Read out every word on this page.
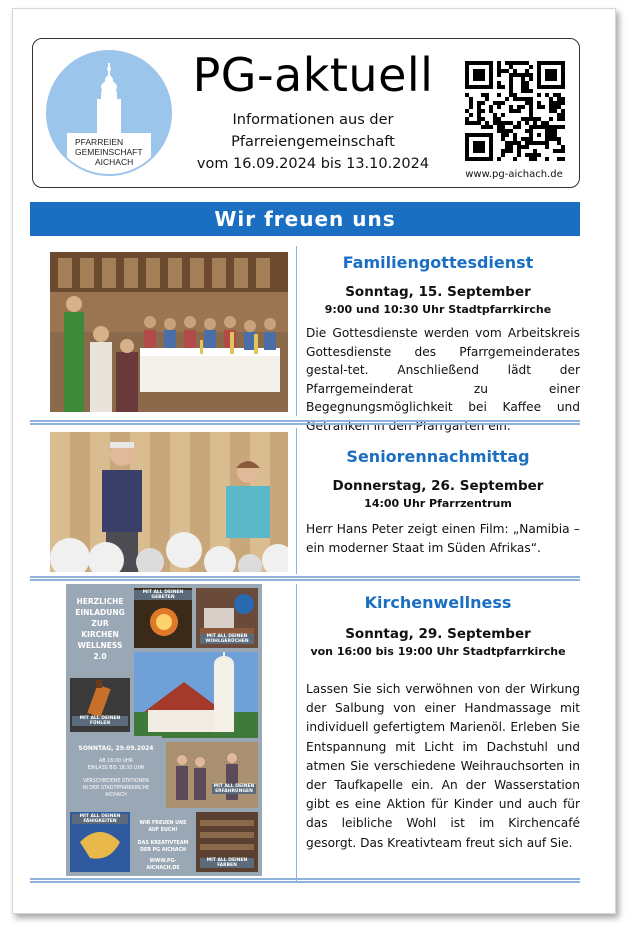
PFARREIEN
GEMEINSCHAFT
AICHACH
PG-aktuell
Informationen aus der
Pfarreiengemeinschaft
vom 16.09.2024 bis 13.10.2024
www.pg-aichach.de
Wir freuen uns
Familiengottesdienst
Sonntag, 15. September
9:00 und 10:30 Uhr Stadtpfarrkirche
Die Gottesdienste werden vom Arbeitskreis Gottesdienste des Pfarrgemeinderates gestal-tet. Anschließend lädt der Pfarrgemeinderat zu einer Begegnungsmöglichkeit bei Kaffee und Getränken in den Pfarrgarten ein.
Seniorennachmittag
Donnerstag, 26. September
14:00 Uhr Pfarrzentrum
Herr Hans Peter zeigt einen Film: „Namibia – ein moderner Staat im Süden Afrikas“.
HERZLICHE
EINLADUNG
ZUR
KIRCHEN
WELLNESS
2.0
MIT ALL DEINEN GEBETEN
MIT ALL DEINEN WOHLGERÜCHEN
MIT ALL DEINEN FÜHLEN
SONNTAG, 29.09.2024
AB 16:00 UHR
EINLASS BIS 18:30 UHR
VERSCHIEDENE STATIONEN
IN DER STADTPFARRKIRCHE
AICHACH
MIT ALL DEINEN ERFAHRUNGEN
MIT ALL DEINEN FÄHIGKEITEN	WIR FREUEN UNS
AUF EUCH!
DAS KREATIVTEAM
DER PG AICHACH
WWW.PG-AICHACH.DE
MIT ALL DEINEN FARBEN
Kirchenwellness
Sonntag, 29. September
von 16:00 bis 19:00 Uhr Stadtpfarrkirche
Lassen Sie sich verwöhnen von der Wirkung der Salbung von einer Handmassage mit individuell gefertigtem Marienöl. Erleben Sie Entspannung mit Licht im Dachstuhl und atmen Sie verschiedene Weihrauchsorten in der Taufkapelle ein. An der Wasserstation gibt es eine Aktion für Kinder und auch für das leibliche Wohl ist im Kirchencafé gesorgt. Das Kreativteam freut sich auf Sie.
